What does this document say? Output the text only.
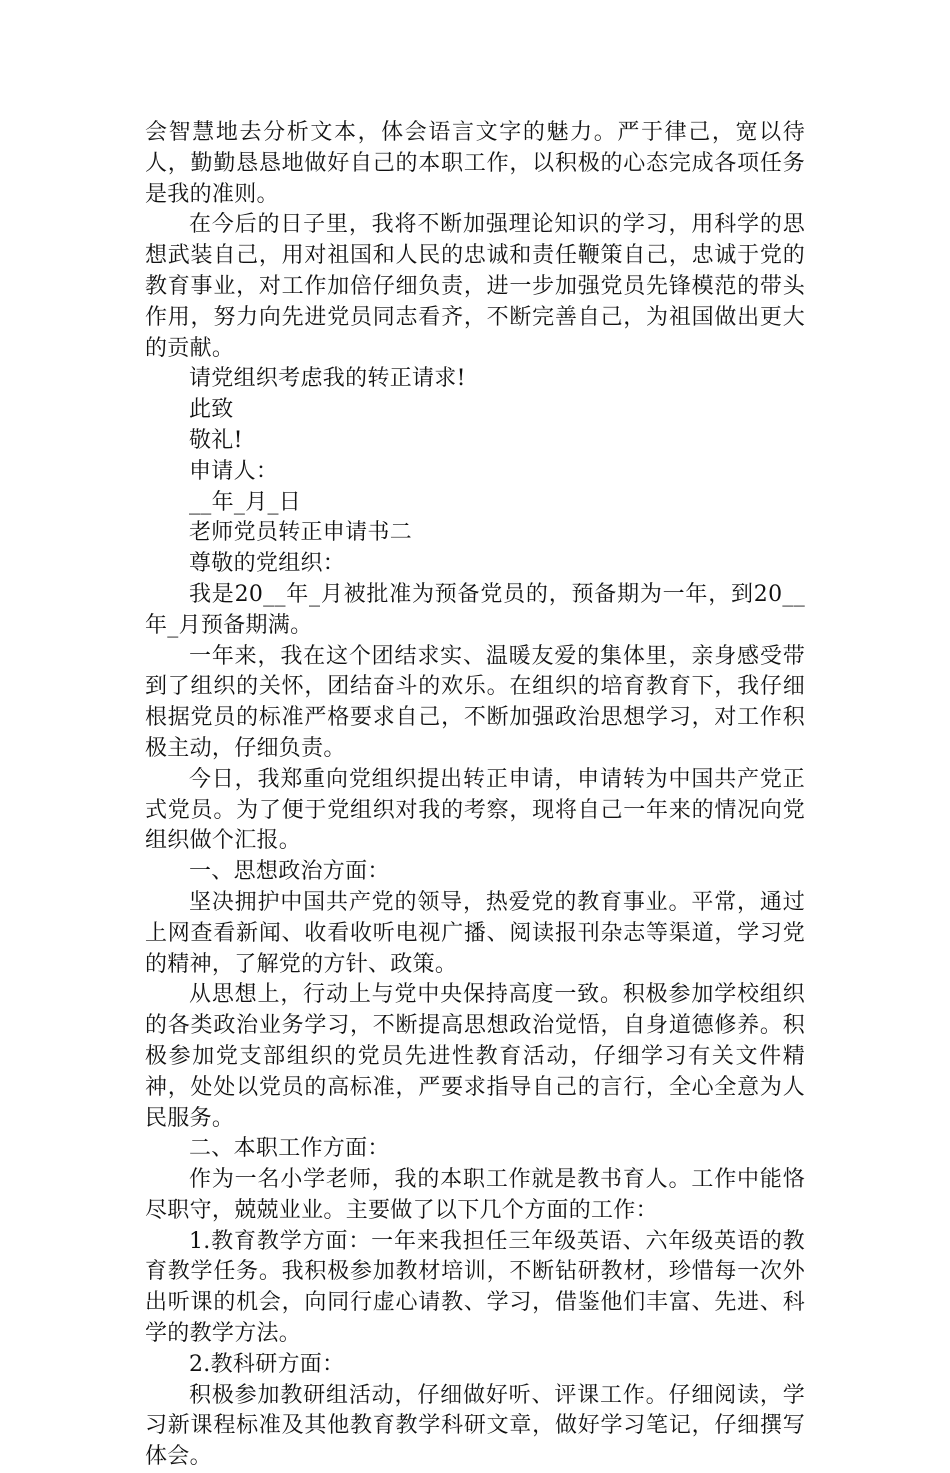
会智慧地去分析文本，体会语言文字的魅力。严于律己，宽以待人，勤勤恳恳地做好自己的本职工作，以积极的心态完成各项任务是我的准则。

在今后的日子里，我将不断加强理论知识的学习，用科学的思想武装自己，用对祖国和人民的忠诚和责任鞭策自己，忠诚于党的教育事业，对工作加倍仔细负责，进一步加强党员先锋模范的带头作用，努力向先进党员同志看齐，不断完善自己，为祖国做出更大的贡献。

请党组织考虑我的转正请求!

此致

敬礼!

申请人：

__年_月_日

老师党员转正申请书二

尊敬的党组织：

我是20__年_月被批准为预备党员的，预备期为一年，到20__年_月预备期满。

一年来，我在这个团结求实、温暖友爱的集体里，亲身感受带到了组织的关怀，团结奋斗的欢乐。在组织的培育教育下，我仔细根据党员的标准严格要求自己，不断加强政治思想学习，对工作积极主动，仔细负责。

今日，我郑重向党组织提出转正申请，申请转为中国共产党正式党员。为了便于党组织对我的考察，现将自己一年来的情况向党组织做个汇报。

一、思想政治方面：

坚决拥护中国共产党的领导，热爱党的教育事业。平常，通过上网查看新闻、收看收听电视广播、阅读报刊杂志等渠道，学习党的精神，了解党的方针、政策。

从思想上，行动上与党中央保持高度一致。积极参加学校组织的各类政治业务学习，不断提高思想政治觉悟，自身道德修养。积极参加党支部组织的党员先进性教育活动，仔细学习有关文件精神，处处以党员的高标准，严要求指导自己的言行，全心全意为人民服务。

二、本职工作方面：

作为一名小学老师，我的本职工作就是教书育人。工作中能恪尽职守，兢兢业业。主要做了以下几个方面的工作：

1.教育教学方面：一年来我担任三年级英语、六年级英语的教育教学任务。我积极参加教材培训，不断钻研教材，珍惜每一次外出听课的机会，向同行虚心请教、学习，借鉴他们丰富、先进、科学的教学方法。

2.教科研方面：

积极参加教研组活动，仔细做好听、评课工作。仔细阅读，学习新课程标准及其他教育教学科研文章，做好学习笔记，仔细撰写体会。
